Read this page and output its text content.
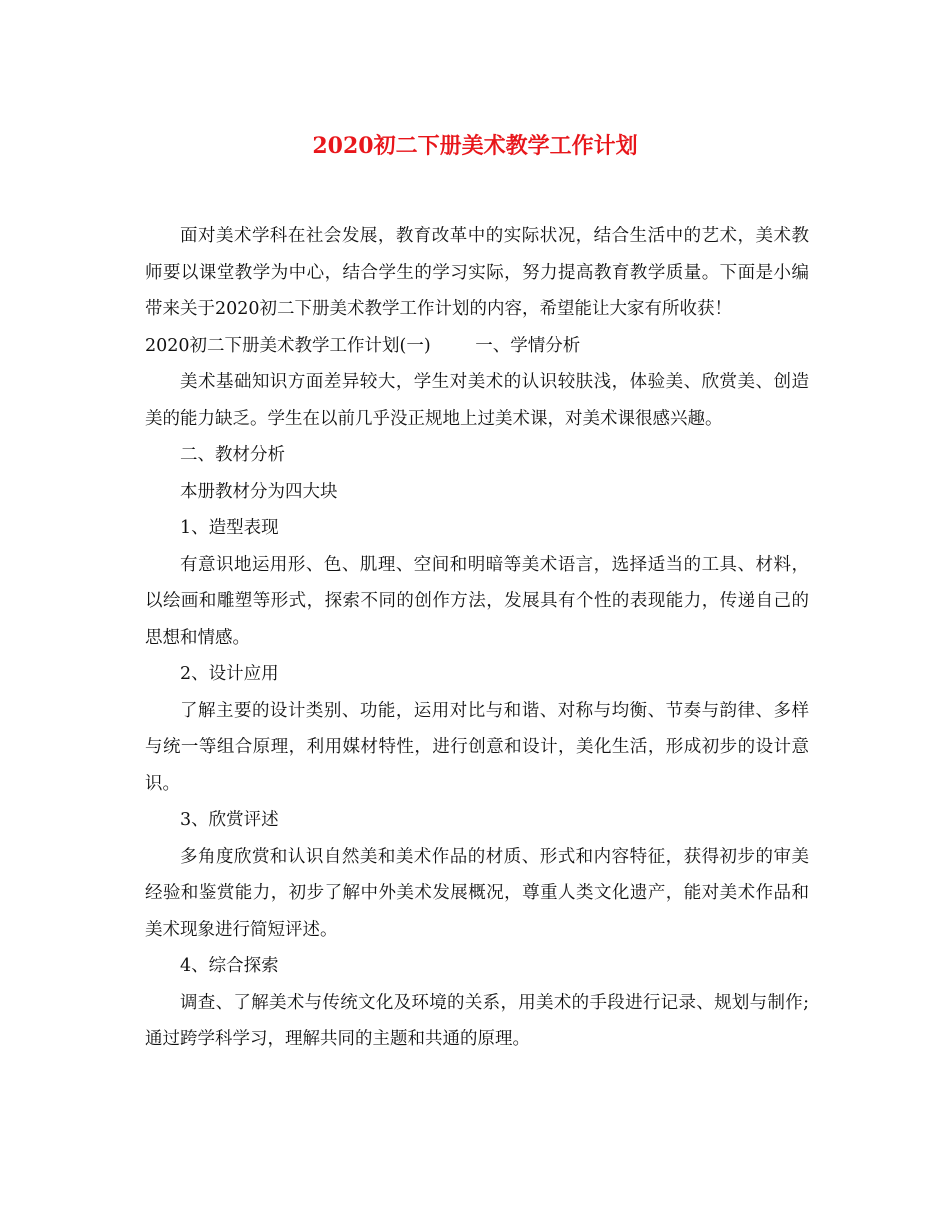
2020初二下册美术教学工作计划

面对美术学科在社会发展，教育改革中的实际状况，结合生活中的艺术，美术教师要以课堂教学为中心，结合学生的学习实际，努力提高教育教学质量。下面是小编带来关于2020初二下册美术教学工作计划的内容，希望能让大家有所收获！

2020初二下册美术教学工作计划(一)        一、学情分析

美术基础知识方面差异较大，学生对美术的认识较肤浅，体验美、欣赏美、创造美的能力缺乏。学生在以前几乎没正规地上过美术课，对美术课很感兴趣。

二、教材分析

本册教材分为四大块

1、造型表现

有意识地运用形、色、肌理、空间和明暗等美术语言，选择适当的工具、材料，以绘画和雕塑等形式，探索不同的创作方法，发展具有个性的表现能力，传递自己的思想和情感。

2、设计应用

了解主要的设计类别、功能，运用对比与和谐、对称与均衡、节奏与韵律、多样与统一等组合原理，利用媒材特性，进行创意和设计，美化生活，形成初步的设计意识。

3、欣赏评述

多角度欣赏和认识自然美和美术作品的材质、形式和内容特征，获得初步的审美经验和鉴赏能力，初步了解中外美术发展概况，尊重人类文化遗产，能对美术作品和美术现象进行简短评述。

4、综合探索

调查、了解美术与传统文化及环境的关系，用美术的手段进行记录、规划与制作;通过跨学科学习，理解共同的主题和共通的原理。
